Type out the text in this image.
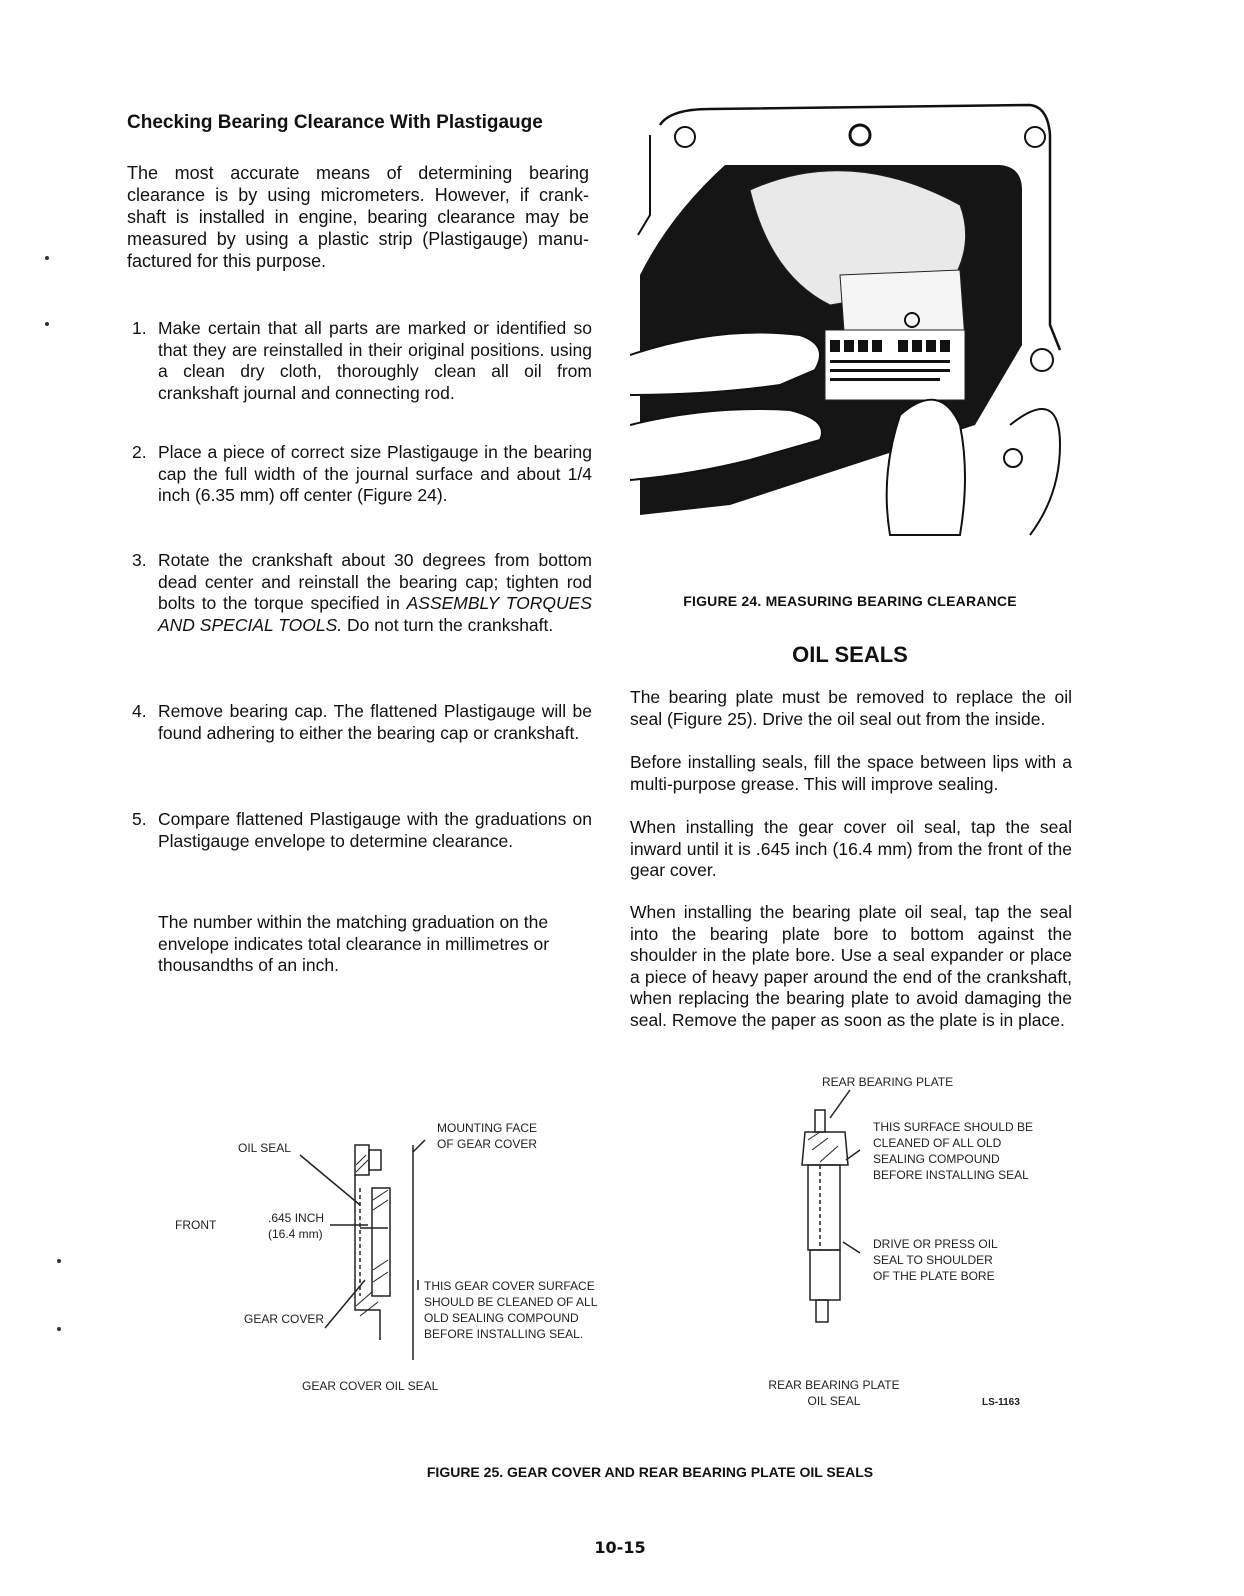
Checking Bearing Clearance With Plastigauge
The most accurate means of determining bearing clearance is by using micrometers. However, if crank-shaft is installed in engine, bearing clearance may be measured by using a plastic strip (Plastigauge) manu-factured for this purpose.
1. Make certain that all parts are marked or identified so that they are reinstalled in their original positions. using a clean dry cloth, thoroughly clean all oil from crankshaft journal and connecting rod.
2. Place a piece of correct size Plastigauge in the bearing cap the full width of the journal surface and about 1/4 inch (6.35 mm) off center (Figure 24).
3. Rotate the crankshaft about 30 degrees from bottom dead center and reinstall the bearing cap; tighten rod bolts to the torque specified in ASSEMBLY TORQUES AND SPECIAL TOOLS. Do not turn the crankshaft.
4. Remove bearing cap. The flattened Plastigauge will be found adhering to either the bearing cap or crankshaft.
5. Compare flattened Plastigauge with the graduations on Plastigauge envelope to determine clearance.
The number within the matching graduation on the envelope indicates total clearance in millimetres or thousandths of an inch.
FIGURE 24. MEASURING BEARING CLEARANCE
OIL SEALS
The bearing plate must be removed to replace the oil seal (Figure 25). Drive the oil seal out from the inside.
Before installing seals, fill the space between lips with a multi-purpose grease. This will improve sealing.
When installing the gear cover oil seal, tap the seal inward until it is .645 inch (16.4 mm) from the front of the gear cover.
When installing the bearing plate oil seal, tap the seal into the bearing plate bore to bottom against the shoulder in the plate bore. Use a seal expander or place a piece of heavy paper around the end of the crankshaft, when replacing the bearing plate to avoid damaging the seal. Remove the paper as soon as the plate is in place.
OIL SEAL
MOUNTING FACE
OF GEAR COVER
FRONT	.645 INCH
(16.4 mm)
GEAR COVER
THIS GEAR COVER SURFACE
SHOULD BE CLEANED OF ALL
OLD SEALING COMPOUND
BEFORE INSTALLING SEAL.
GEAR COVER OIL SEAL
REAR BEARING PLATE
THIS SURFACE SHOULD BE
CLEANED OF ALL OLD
SEALING COMPOUND
BEFORE INSTALLING SEAL
DRIVE OR PRESS OIL
SEAL TO SHOULDER
OF THE PLATE BORE
REAR BEARING PLATE
OIL SEAL	LS-1163
FIGURE 25. GEAR COVER AND REAR BEARING PLATE OIL SEALS
10-15
